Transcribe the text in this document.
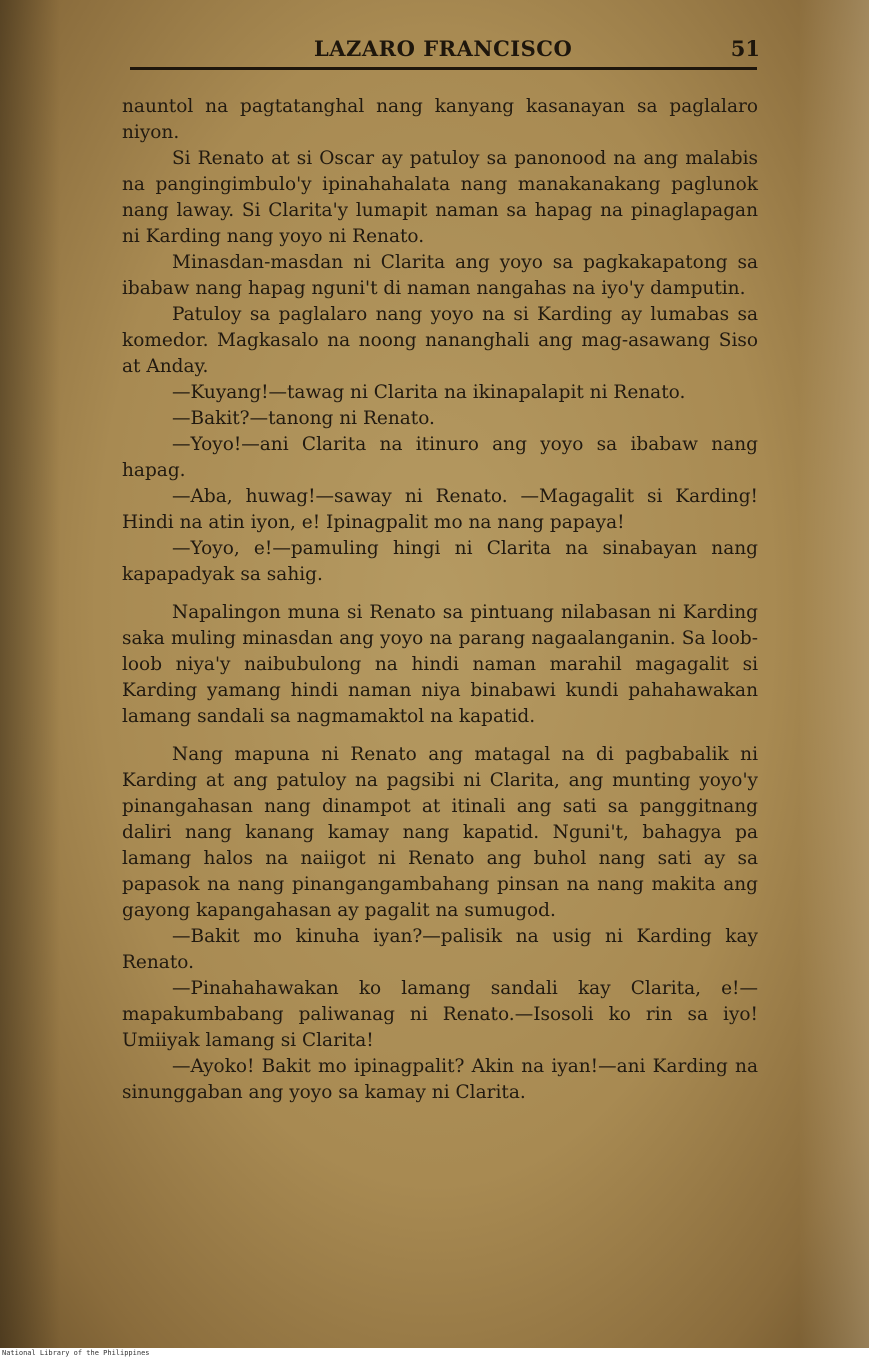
LAZARO FRANCISCO	51

nauntol na pagtatanghal nang kanyang kasanayan sa paglalaro niyon.

Si Renato at si Oscar ay patuloy sa panonood na ang malabis na pangingimbulo'y ipinahahalata nang manakanakang paglunok nang laway. Si Clarita'y lumapit naman sa hapag na pinaglapagan ni Karding nang yoyo ni Renato.

Minasdan-masdan ni Clarita ang yoyo sa pagkakapatong sa ibabaw nang hapag nguni't di naman nangahas na iyo'y damputin.

Patuloy sa paglalaro nang yoyo na si Karding ay lumabas sa komedor. Magkasalo na noong nananghali ang mag-asawang Siso at Anday.

—Kuyang!—tawag ni Clarita na ikinapalapit ni Renato.

—Bakit?—tanong ni Renato.

—Yoyo!—ani Clarita na itinuro ang yoyo sa ibabaw nang hapag.

—Aba, huwag!—saway ni Renato. —Magagalit si Karding! Hindi na atin iyon, e! Ipinagpalit mo na nang papaya!

—Yoyo, e!—pamuling hingi ni Clarita na sinabayan nang kapapadyak sa sahig.

Napalingon muna si Renato sa pintuang nilabasan ni Karding saka muling minasdan ang yoyo na parang nagaalanganin. Sa loob-loob niya'y naibubulong na hindi naman marahil magagalit si Karding yamang hindi naman niya binabawi kundi pahahawakan lamang sandali sa nagmamaktol na kapatid.

Nang mapuna ni Renato ang matagal na di pagbabalik ni Karding at ang patuloy na pagsibi ni Clarita, ang munting yoyo'y pinangahasan nang dinampot at itinali ang sati sa panggitnang daliri nang kanang kamay nang kapatid. Nguni't, bahagya pa lamang halos na naiigot ni Renato ang buhol nang sati ay sa papasok na nang pinangangambahang pinsan na nang makita ang gayong kapangahasan ay pagalit na sumugod.

—Bakit mo kinuha iyan?—palisik na usig ni Karding kay Renato.

—Pinahahawakan ko lamang sandali kay Clarita, e!—mapakumbabang paliwanag ni Renato.—Isosoli ko rin sa iyo! Umiiyak lamang si Clarita!

—Ayoko! Bakit mo ipinagpalit? Akin na iyan!—ani Karding na sinunggaban ang yoyo sa kamay ni Clarita.

National Library of the Philippines
